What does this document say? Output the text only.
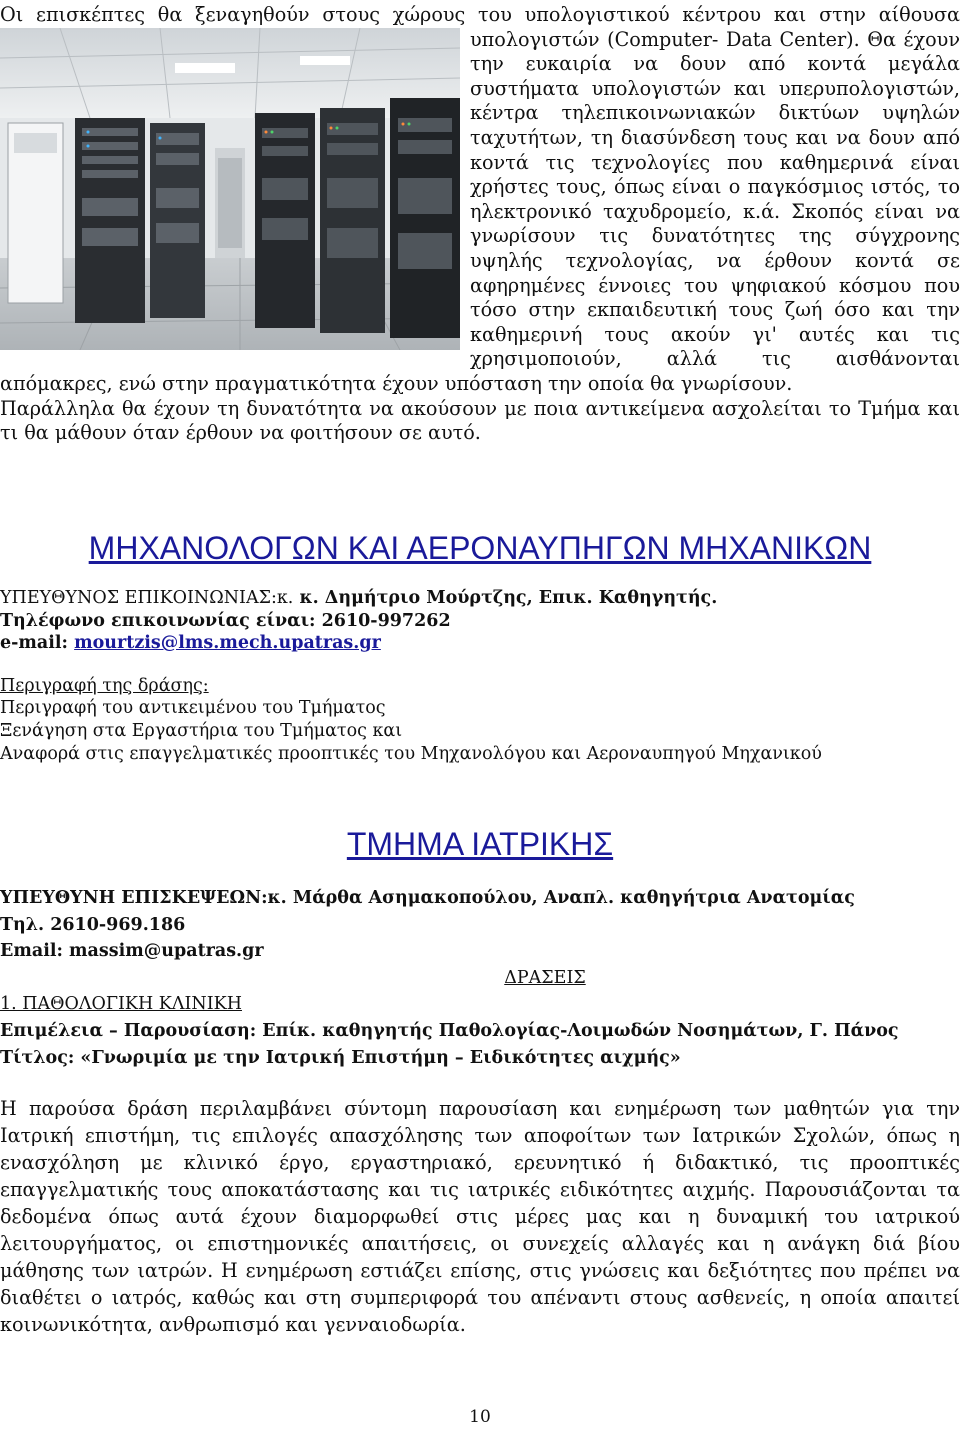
Οι επισκέπτες θα ξεναγηθούν στους χώρους του υπολογιστικού κέντρου και στην αίθουσα

υπολογιστών (Computer- Data Center). Θα έχουν την ευκαιρία να δουν από κοντά μεγάλα συστήματα υπολογιστών και υπερυπολογιστών, κέντρα τηλεπικοινωνιακών δικτύων υψηλών ταχυτήτων, τη διασύνδεση τους και να δουν από κοντά τις τεχνολογίες που καθημερινά είναι χρήστες τους, όπως είναι ο παγκόσμιος ιστός, το ηλεκτρονικό ταχυδρομείο, κ.ά. Σκοπός είναι να γνωρίσουν τις δυνατότητες της σύγχρονης υψηλής τεχνολογίας, να έρθουν κοντά σε αφηρημένες έννοιες του ψηφιακού κόσμου που τόσο στην εκπαιδευτική τους ζωή όσο και την καθημερινή τους ακούν γι' αυτές και τις χρησιμοποιούν, αλλά τις αισθάνονται απόμακρες, ενώ στην πραγματικότητα έχουν υπόσταση την οποία θα γνωρίσουν.

Παράλληλα θα έχουν τη δυνατότητα να ακούσουν με ποια αντικείμενα ασχολείται το Τμήμα και τι θα μάθουν όταν έρθουν να φοιτήσουν σε αυτό.

ΜΗΧΑΝΟΛΟΓΩΝ ΚΑΙ ΑΕΡΟΝΑΥΠΗΓΩΝ ΜΗΧΑΝΙΚΩΝ

ΥΠΕΥΘΥΝΟΣ ΕΠΙΚΟΙΝΩΝΙΑΣ:κ. κ. Δημήτριο Μούρτζης, Επικ. Καθηγητής.

Τηλέφωνο επικοινωνίας είναι: 2610-997262

e-mail: mourtzis@lms.mech.upatras.gr

Περιγραφή της δράσης:

Περιγραφή του αντικειμένου του Τμήματος

Ξενάγηση στα Εργαστήρια του Τμήματος και

Αναφορά στις επαγγελματικές προοπτικές του Μηχανολόγου και Αεροναυπηγού Μηχανικού

ΤΜΗΜΑ ΙΑΤΡΙΚΗΣ

ΥΠΕΥΘΥΝΗ ΕΠΙΣΚΕΨΕΩΝ:κ. Μάρθα Ασημακοπούλου, Αναπλ. καθηγήτρια Ανατομίας

Τηλ. 2610-969.186

Email: massim@upatras.gr

ΔΡΑΣΕΙΣ

1. ΠΑΘΟΛΟΓΙΚΗ ΚΛΙΝΙΚΗ

Επιμέλεια – Παρουσίαση: Επίκ. καθηγητής Παθολογίας-Λοιμωδών Νοσημάτων, Γ. Πάνος

Τίτλος: «Γνωριμία με την Ιατρική Επιστήμη – Ειδικότητες αιχμής»

Η παρούσα δράση περιλαμβάνει σύντομη παρουσίαση και ενημέρωση των μαθητών για την Ιατρική επιστήμη, τις επιλογές απασχόλησης των αποφοίτων των Ιατρικών Σχολών, όπως η ενασχόληση με κλινικό έργο, εργαστηριακό, ερευνητικό ή διδακτικό, τις προοπτικές επαγγελματικής τους αποκατάστασης και τις ιατρικές ειδικότητες αιχμής. Παρουσιάζονται τα δεδομένα όπως αυτά έχουν διαμορφωθεί στις μέρες μας και η δυναμική του ιατρικού λειτουργήματος, οι επιστημονικές απαιτήσεις, οι συνεχείς αλλαγές και η ανάγκη διά βίου μάθησης των ιατρών. Η ενημέρωση εστιάζει επίσης, στις γνώσεις και δεξιότητες που πρέπει να διαθέτει ο ιατρός, καθώς και στη συμπεριφορά του απέναντι στους ασθενείς, η οποία απαιτεί κοινωνικότητα, ανθρωπισμό και γενναιοδωρία.

10
